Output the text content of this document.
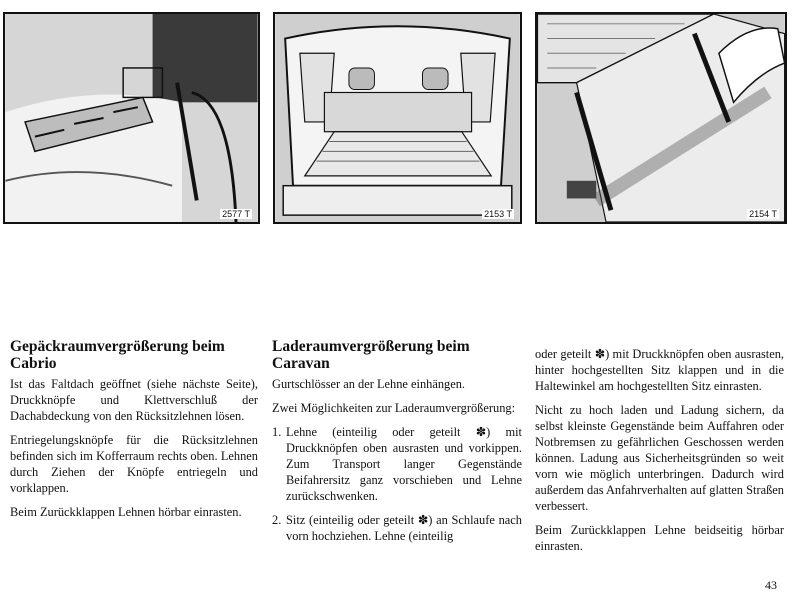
2577 T	2153 T	2154 T
Gepäckraumvergrößerung beim Cabrio

Ist das Faltdach geöffnet (siehe nächste Seite), Druckknöpfe und Klettverschluß der Dachabdeckung von den Rücksitzlehnen lösen.

Entriegelungsknöpfe für die Rücksitzlehnen befinden sich im Kofferraum rechts oben. Lehnen durch Ziehen der Knöpfe entriegeln und vorklappen.

Beim Zurückklappen Lehnen hörbar einrasten.

Laderaumvergrößerung beim Caravan

Gurtschlösser an der Lehne einhängen.

Zwei Möglichkeiten zur Laderaumvergrößerung:

1. Lehne (einteilig oder geteilt ✽) mit Druckknöpfen oben ausrasten und vorkippen. Zum Transport langer Gegenstände Beifahrersitz ganz vorschieben und Lehne zurückschwenken.
2. Sitz (einteilig oder geteilt ✽) an Schlaufe nach vorn hochziehen. Lehne (einteilig

oder geteilt ✽) mit Druckknöpfen oben ausrasten, hinter hochgestellten Sitz klappen und in die Haltewinkel am hochgestellten Sitz einrasten.

Nicht zu hoch laden und Ladung sichern, da selbst kleinste Gegenstände beim Auffahren oder Notbremsen zu gefährlichen Geschossen werden können. Ladung aus Sicherheitsgründen so weit vorn wie möglich unterbringen. Dadurch wird außerdem das Anfahrverhalten auf glatten Straßen verbessert.

Beim Zurückklappen Lehne beidseitig hörbar einrasten.

43
